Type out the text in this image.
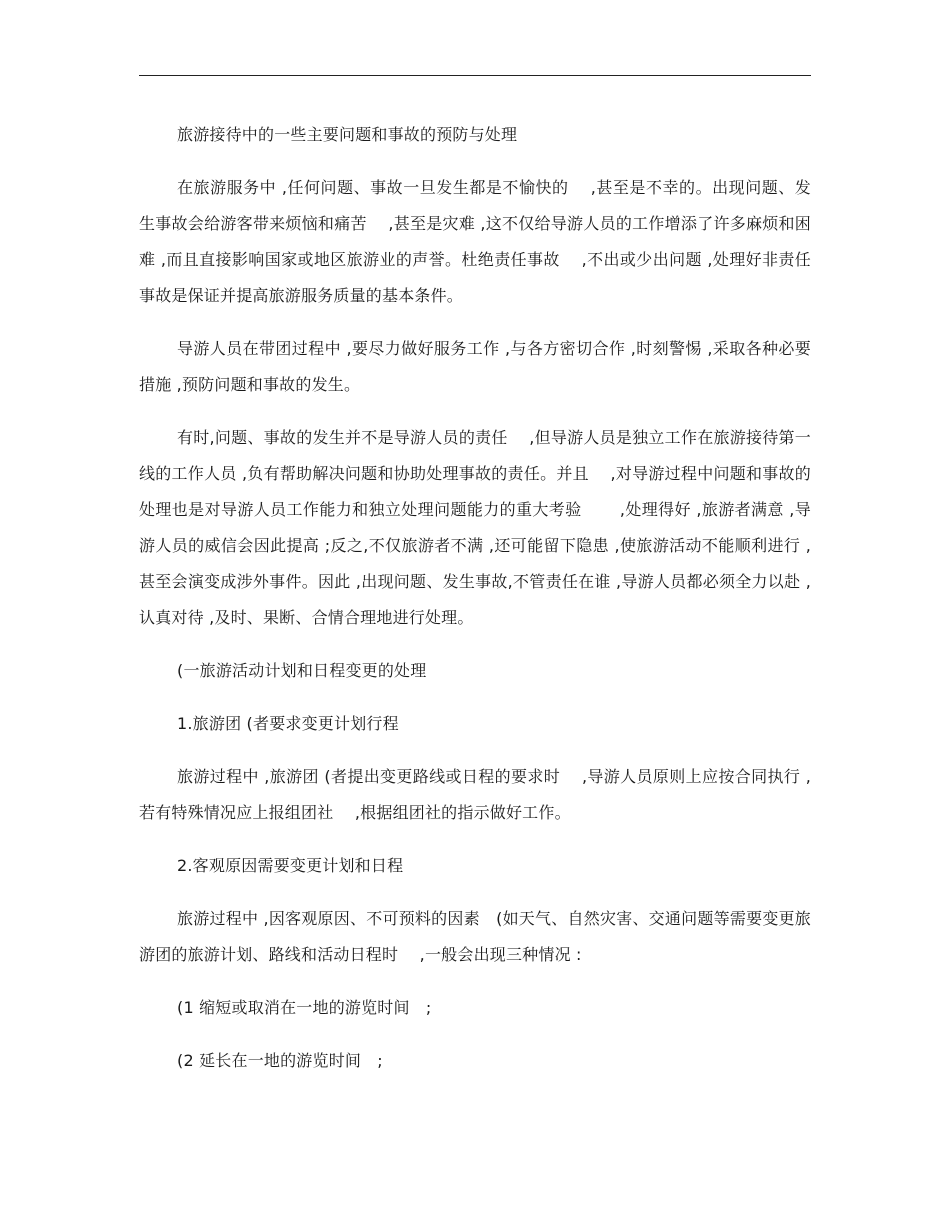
旅游接待中的一些主要问题和事故的预防与处理

在旅游服务中 ,任何问题、事故一旦发生都是不愉快的　 ,甚至是不幸的。出现问题、发生事故会给游客带来烦恼和痛苦　 ,甚至是灾难 ,这不仅给导游人员的工作增添了许多麻烦和困难 ,而且直接影响国家或地区旅游业的声誉。杜绝责任事故　 ,不出或少出问题 ,处理好非责任事故是保证并提高旅游服务质量的基本条件。

导游人员在带团过程中 ,要尽力做好服务工作 ,与各方密切合作 ,时刻警惕 ,采取各种必要措施 ,预防问题和事故的发生。

有时,问题、事故的发生并不是导游人员的责任　 ,但导游人员是独立工作在旅游接待第一线的工作人员 ,负有帮助解决问题和协助处理事故的责任。并且　 ,对导游过程中问题和事故的处理也是对导游人员工作能力和独立处理问题能力的重大考验　　 ,处理得好 ,旅游者满意 ,导游人员的威信会因此提高 ;反之,不仅旅游者不满 ,还可能留下隐患 ,使旅游活动不能顺利进行 ,甚至会演变成涉外事件。因此 ,出现问题、发生事故,不管责任在谁 ,导游人员都必须全力以赴 ,认真对待 ,及时、果断、合情合理地进行处理。

(一旅游活动计划和日程变更的处理

1.旅游团 (者要求变更计划行程

旅游过程中 ,旅游团 (者提出变更路线或日程的要求时　 ,导游人员原则上应按合同执行 ,若有特殊情况应上报组团社　 ,根据组团社的指示做好工作。

2.客观原因需要变更计划和日程

旅游过程中 ,因客观原因、不可预料的因素　(如天气、自然灾害、交通问题等需要变更旅游团的旅游计划、路线和活动日程时　 ,一般会出现三种情况 :

(1 缩短或取消在一地的游览时间　;

(2 延长在一地的游览时间　;
